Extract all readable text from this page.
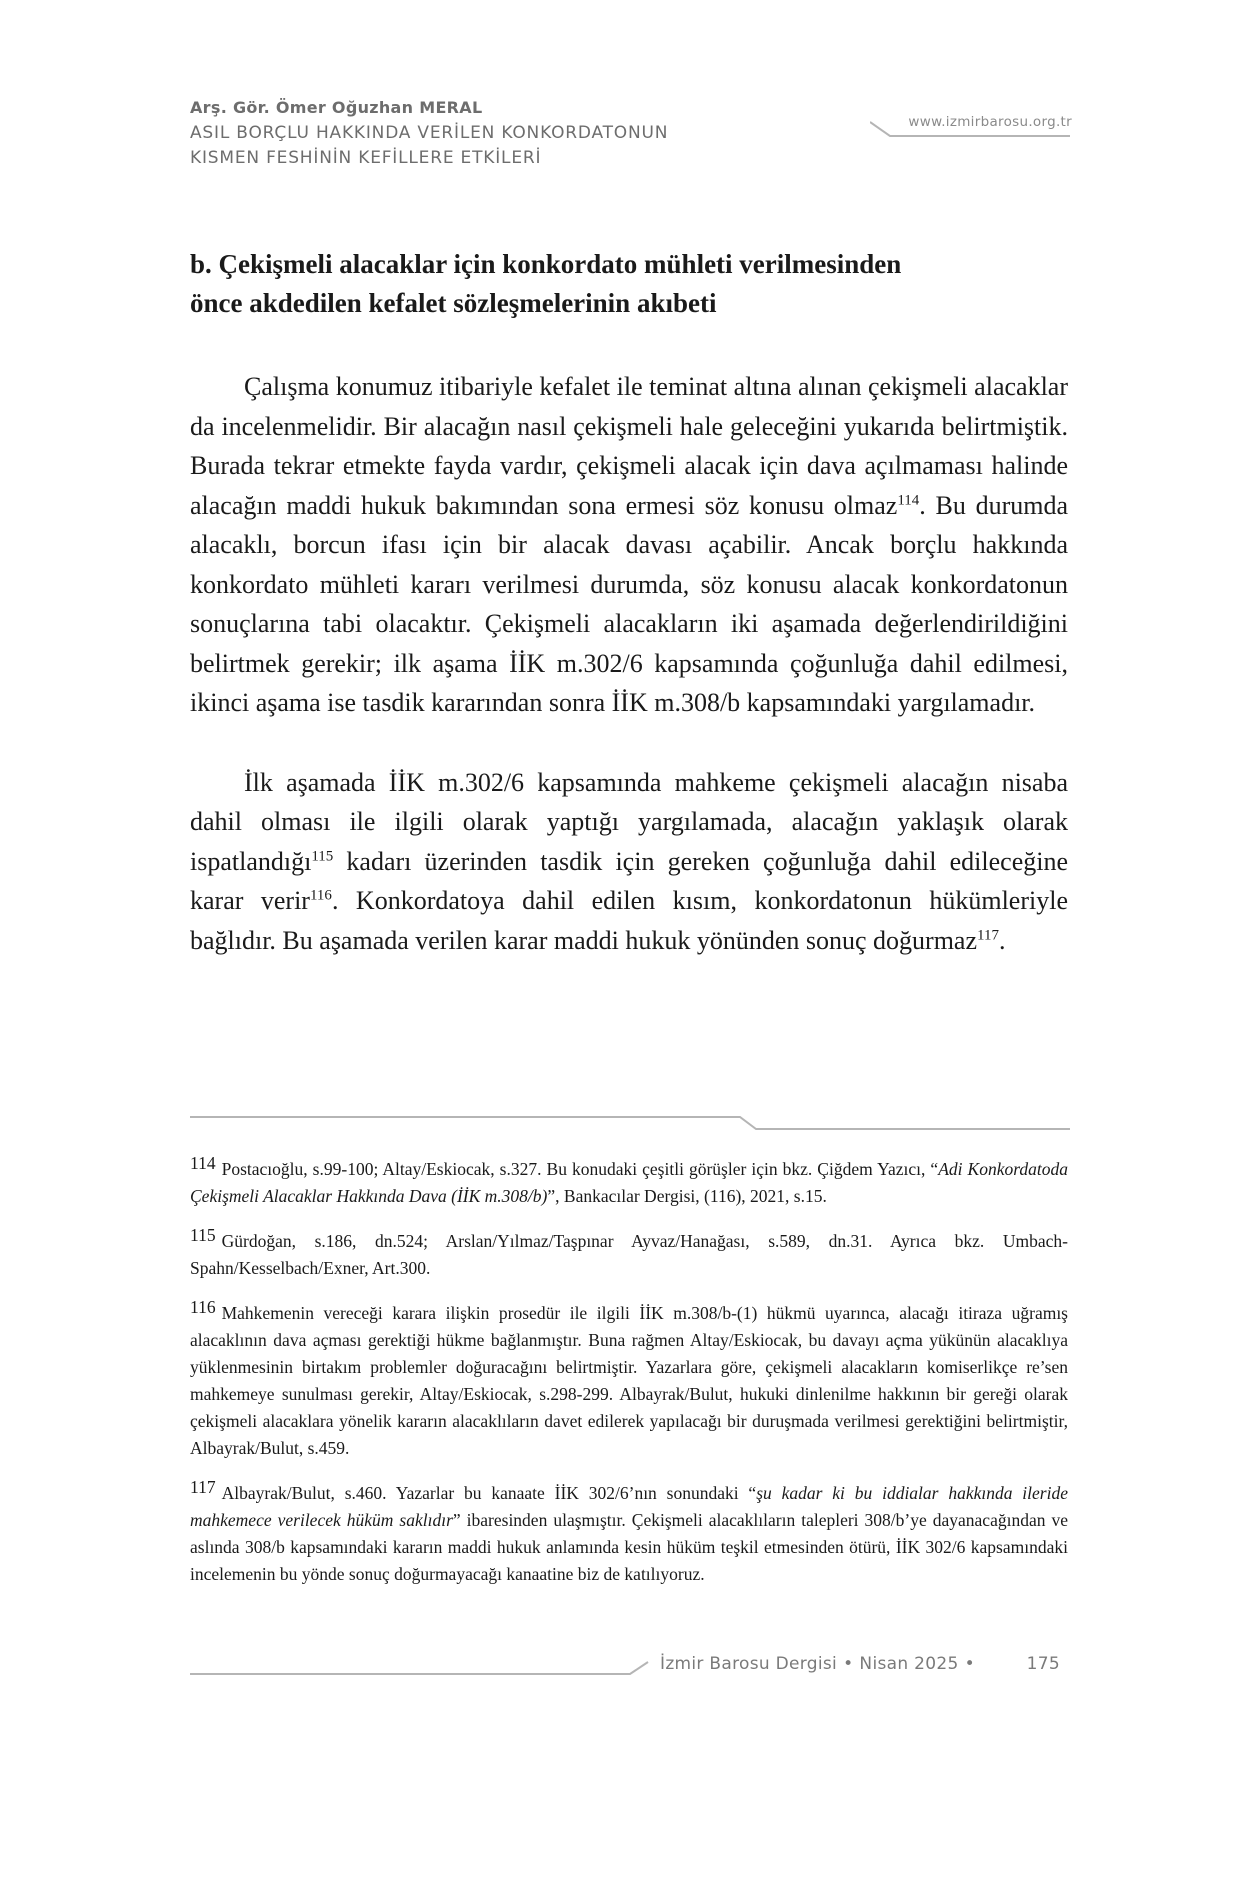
Arş. Gör. Ömer Oğuzhan MERAL
ASIL BORÇLU HAKKINDA VERİLEN KONKORDATONUN
KISMEN FESHİNİN KEFİLLERE ETKİLERİ
www.izmirbarosu.org.tr
b. Çekişmeli alacaklar için konkordato mühleti verilmesinden
önce akdedilen kefalet sözleşmelerinin akıbeti

Çalışma konumuz itibariyle kefalet ile teminat altına alınan çekişmeli alacaklar da incelenmelidir. Bir alacağın nasıl çekişmeli hale geleceğini yukarıda belirtmiştik. Burada tekrar etmekte fayda vardır, çekişmeli alacak için dava açılmaması halinde alacağın maddi hukuk bakımından sona ermesi söz konusu olmaz$^{114}$. Bu durumda alacaklı, borcun ifası için bir alacak davası açabilir. Ancak borçlu hakkında konkordato mühleti kararı verilmesi durumda, söz konusu alacak konkordatonun sonuçlarına tabi olacaktır. Çekişmeli alacakların iki aşamada değerlendirildiğini belirtmek gerekir; ilk aşama İİK m.302/6 kapsamında çoğunluğa dahil edilmesi, ikinci aşama ise tasdik kararından sonra İİK m.308/b kapsamındaki yargılamadır.

İlk aşamada İİK m.302/6 kapsamında mahkeme çekişmeli alacağın nisaba dahil olması ile ilgili olarak yaptığı yargılamada, alacağın yaklaşık olarak ispatlandığı$^{115}$ kadarı üzerinden tasdik için gereken çoğunluğa dahil edileceğine karar verir$^{116}$. Konkordatoya dahil edilen kısım, konkordatonun hükümleriyle bağlıdır. Bu aşamada verilen karar maddi hukuk yönünden sonuç doğurmaz$^{117}$.

114 Postacıoğlu, s.99-100; Altay/Eskiocak, s.327. Bu konudaki çeşitli görüşler için bkz. Çiğdem Yazıcı, “Adi Konkordatoda Çekişmeli Alacaklar Hakkında Dava (İİK m.308/b)”, Bankacılar Dergisi, (116), 2021, s.15.

115 Gürdoğan, s.186, dn.524; Arslan/Yılmaz/Taşpınar Ayvaz/Hanağası, s.589, dn.31. Ayrıca bkz. Umbach-Spahn/Kesselbach/Exner, Art.300.

116 Mahkemenin vereceği karara ilişkin prosedür ile ilgili İİK m.308/b-(1) hükmü uyarınca, alacağı itiraza uğramış alacaklının dava açması gerektiği hükme bağlanmıştır. Buna rağmen Altay/Eskiocak, bu davayı açma yükünün alacaklıya yüklenmesinin birtakım problemler doğuracağını belirtmiştir. Yazarlara göre, çekişmeli alacakların komiserlikçe re’sen mahkemeye sunulması gerekir, Altay/Eskiocak, s.298-299. Albayrak/Bulut, hukuki dinlenilme hakkının bir gereği olarak çekişmeli alacaklara yönelik kararın alacaklıların davet edilerek yapılacağı bir duruşmada verilmesi gerektiğini belirtmiştir, Albayrak/Bulut, s.459.

117 Albayrak/Bulut, s.460. Yazarlar bu kanaate İİK 302/6’nın sonundaki “şu kadar ki bu iddialar hakkında ileride mahkemece verilecek hüküm saklıdır” ibaresinden ulaşmıştır. Çekişmeli alacaklıların talepleri 308/b’ye dayanacağından ve aslında 308/b kapsamındaki kararın maddi hukuk anlamında kesin hüküm teşkil etmesinden ötürü, İİK 302/6 kapsamındaki incelemenin bu yönde sonuç doğurmayacağı kanaatine biz de katılıyoruz.

İzmir Barosu Dergisi • Nisan 2025 •	175
